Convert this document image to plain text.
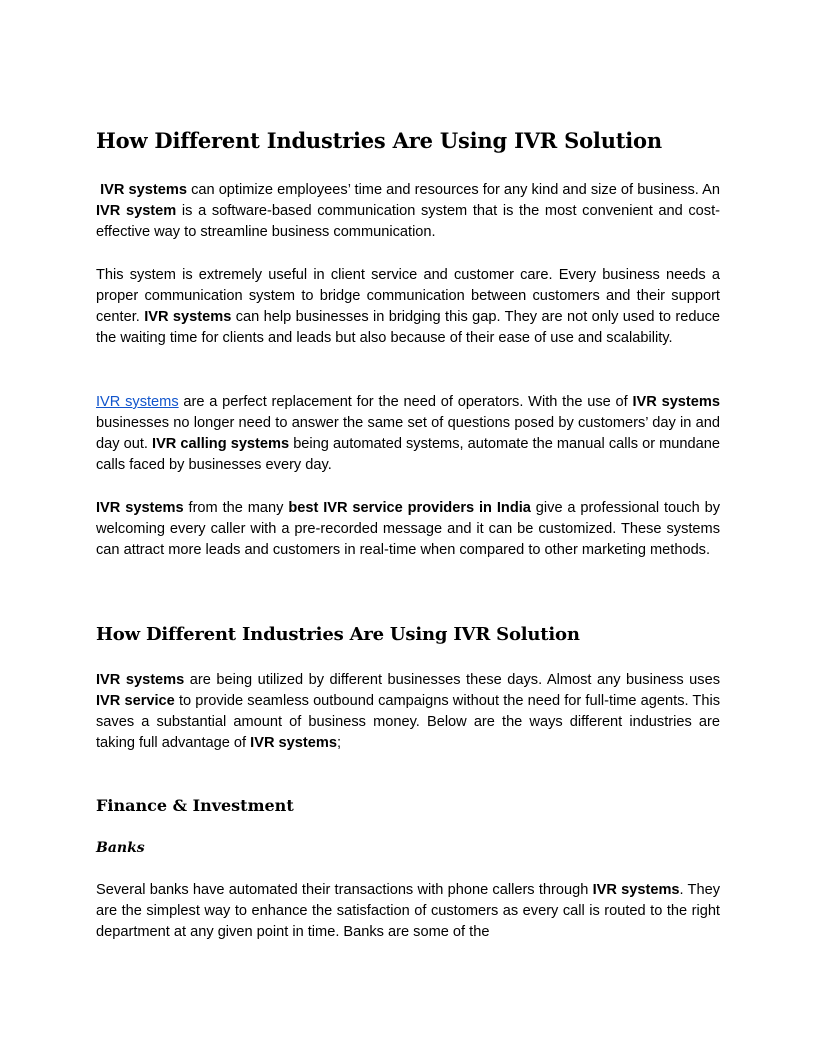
How Different Industries Are Using IVR Solution

IVR systems can optimize employees’ time and resources for any kind and size of business. An IVR system is a software-based communication system that is the most convenient and cost-effective way to streamline business communication.

This system is extremely useful in client service and customer care. Every business needs a proper communication system to bridge communication between customers and their support center. IVR systems can help businesses in bridging this gap. They are not only used to reduce the waiting time for clients and leads but also because of their ease of use and scalability.

IVR systems are a perfect replacement for the need of operators. With the use of IVR systems businesses no longer need to answer the same set of questions posed by customers’ day in and day out. IVR calling systems being automated systems, automate the manual calls or mundane calls faced by businesses every day.

IVR systems from the many best IVR service providers in India give a professional touch by welcoming every caller with a pre-recorded message and it can be customized. These systems can attract more leads and customers in real-time when compared to other marketing methods.

How Different Industries Are Using IVR Solution

IVR systems are being utilized by different businesses these days. Almost any business uses IVR service to provide seamless outbound campaigns without the need for full-time agents. This saves a substantial amount of business money. Below are the ways different industries are taking full advantage of IVR systems;

Finance & Investment
Banks

Several banks have automated their transactions with phone callers through IVR systems. They are the simplest way to enhance the satisfaction of customers as every call is routed to the right department at any given point in time. Banks are some of the
